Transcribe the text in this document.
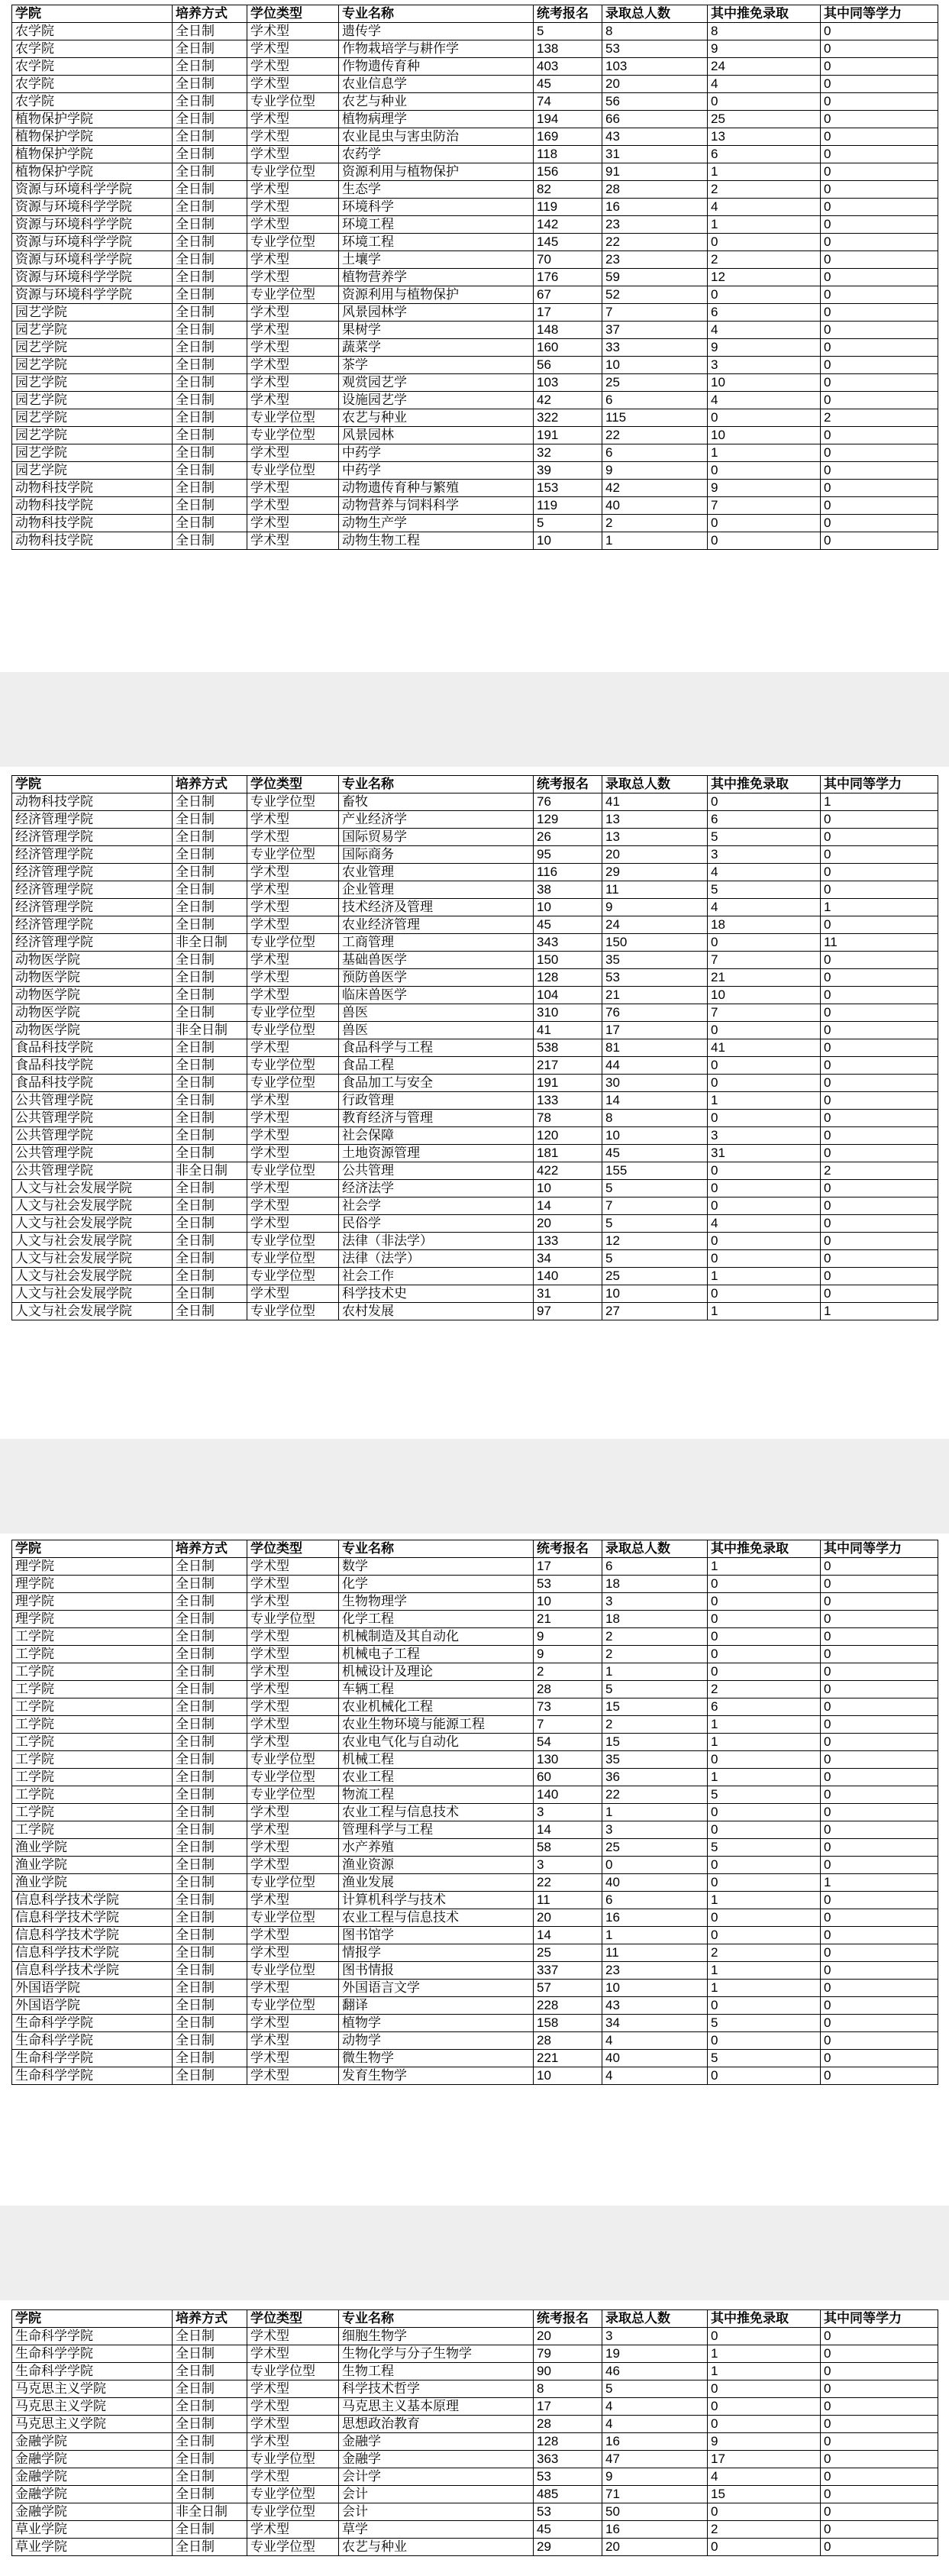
学院	培养方式	学位类型	专业名称	统考报名	录取总人数	其中推免录取	其中同等学力
农学院	全日制	学术型	遗传学	5	8	8	0
农学院	全日制	学术型	作物栽培学与耕作学	138	53	9	0
农学院	全日制	学术型	作物遗传育种	403	103	24	0
农学院	全日制	学术型	农业信息学	45	20	4	0
农学院	全日制	专业学位型	农艺与种业	74	56	0	0
植物保护学院	全日制	学术型	植物病理学	194	66	25	0
植物保护学院	全日制	学术型	农业昆虫与害虫防治	169	43	13	0
植物保护学院	全日制	学术型	农药学	118	31	6	0
植物保护学院	全日制	专业学位型	资源利用与植物保护	156	91	1	0
资源与环境科学学院	全日制	学术型	生态学	82	28	2	0
资源与环境科学学院	全日制	学术型	环境科学	119	16	4	0
资源与环境科学学院	全日制	学术型	环境工程	142	23	1	0
资源与环境科学学院	全日制	专业学位型	环境工程	145	22	0	0
资源与环境科学学院	全日制	学术型	土壤学	70	23	2	0
资源与环境科学学院	全日制	学术型	植物营养学	176	59	12	0
资源与环境科学学院	全日制	专业学位型	资源利用与植物保护	67	52	0	0
园艺学院	全日制	学术型	风景园林学	17	7	6	0
园艺学院	全日制	学术型	果树学	148	37	4	0
园艺学院	全日制	学术型	蔬菜学	160	33	9	0
园艺学院	全日制	学术型	茶学	56	10	3	0
园艺学院	全日制	学术型	观赏园艺学	103	25	10	0
园艺学院	全日制	学术型	设施园艺学	42	6	4	0
园艺学院	全日制	专业学位型	农艺与种业	322	115	0	2
园艺学院	全日制	专业学位型	风景园林	191	22	10	0
园艺学院	全日制	学术型	中药学	32	6	1	0
园艺学院	全日制	专业学位型	中药学	39	9	0	0
动物科技学院	全日制	学术型	动物遗传育种与繁殖	153	42	9	0
动物科技学院	全日制	学术型	动物营养与饲料科学	119	40	7	0
动物科技学院	全日制	学术型	动物生产学	5	2	0	0
动物科技学院	全日制	学术型	动物生物工程	10	1	0	0
学院	培养方式	学位类型	专业名称	统考报名	录取总人数	其中推免录取	其中同等学力
动物科技学院	全日制	专业学位型	畜牧	76	41	0	1
经济管理学院	全日制	学术型	产业经济学	129	13	6	0
经济管理学院	全日制	学术型	国际贸易学	26	13	5	0
经济管理学院	全日制	专业学位型	国际商务	95	20	3	0
经济管理学院	全日制	学术型	农业管理	116	29	4	0
经济管理学院	全日制	学术型	企业管理	38	11	5	0
经济管理学院	全日制	学术型	技术经济及管理	10	9	4	1
经济管理学院	全日制	学术型	农业经济管理	45	24	18	0
经济管理学院	非全日制	专业学位型	工商管理	343	150	0	11
动物医学院	全日制	学术型	基础兽医学	150	35	7	0
动物医学院	全日制	学术型	预防兽医学	128	53	21	0
动物医学院	全日制	学术型	临床兽医学	104	21	10	0
动物医学院	全日制	专业学位型	兽医	310	76	7	0
动物医学院	非全日制	专业学位型	兽医	41	17	0	0
食品科技学院	全日制	学术型	食品科学与工程	538	81	41	0
食品科技学院	全日制	专业学位型	食品工程	217	44	0	0
食品科技学院	全日制	专业学位型	食品加工与安全	191	30	0	0
公共管理学院	全日制	学术型	行政管理	133	14	1	0
公共管理学院	全日制	学术型	教育经济与管理	78	8	0	0
公共管理学院	全日制	学术型	社会保障	120	10	3	0
公共管理学院	全日制	学术型	土地资源管理	181	45	31	0
公共管理学院	非全日制	专业学位型	公共管理	422	155	0	2
人文与社会发展学院	全日制	学术型	经济法学	10	5	0	0
人文与社会发展学院	全日制	学术型	社会学	14	7	0	0
人文与社会发展学院	全日制	学术型	民俗学	20	5	4	0
人文与社会发展学院	全日制	专业学位型	法律（非法学）	133	12	0	0
人文与社会发展学院	全日制	专业学位型	法律（法学）	34	5	0	0
人文与社会发展学院	全日制	专业学位型	社会工作	140	25	1	0
人文与社会发展学院	全日制	学术型	科学技术史	31	10	0	0
人文与社会发展学院	全日制	专业学位型	农村发展	97	27	1	1
学院	培养方式	学位类型	专业名称	统考报名	录取总人数	其中推免录取	其中同等学力
理学院	全日制	学术型	数学	17	6	1	0
理学院	全日制	学术型	化学	53	18	0	0
理学院	全日制	学术型	生物物理学	10	3	0	0
理学院	全日制	专业学位型	化学工程	21	18	0	0
工学院	全日制	学术型	机械制造及其自动化	9	2	0	0
工学院	全日制	学术型	机械电子工程	9	2	0	0
工学院	全日制	学术型	机械设计及理论	2	1	0	0
工学院	全日制	学术型	车辆工程	28	5	2	0
工学院	全日制	学术型	农业机械化工程	73	15	6	0
工学院	全日制	学术型	农业生物环境与能源工程	7	2	1	0
工学院	全日制	学术型	农业电气化与自动化	54	15	1	0
工学院	全日制	专业学位型	机械工程	130	35	0	0
工学院	全日制	专业学位型	农业工程	60	36	1	0
工学院	全日制	专业学位型	物流工程	140	22	5	0
工学院	全日制	学术型	农业工程与信息技术	3	1	0	0
工学院	全日制	学术型	管理科学与工程	14	3	0	0
渔业学院	全日制	学术型	水产养殖	58	25	5	0
渔业学院	全日制	学术型	渔业资源	3	0	0	0
渔业学院	全日制	专业学位型	渔业发展	22	40	0	1
信息科学技术学院	全日制	学术型	计算机科学与技术	11	6	1	0
信息科学技术学院	全日制	专业学位型	农业工程与信息技术	20	16	0	0
信息科学技术学院	全日制	学术型	图书馆学	14	1	0	0
信息科学技术学院	全日制	学术型	情报学	25	11	2	0
信息科学技术学院	全日制	专业学位型	图书情报	337	23	1	0
外国语学院	全日制	学术型	外国语言文学	57	10	1	0
外国语学院	全日制	专业学位型	翻译	228	43	0	0
生命科学学院	全日制	学术型	植物学	158	34	5	0
生命科学学院	全日制	学术型	动物学	28	4	0	0
生命科学学院	全日制	学术型	微生物学	221	40	5	0
生命科学学院	全日制	学术型	发育生物学	10	4	0	0
学院	培养方式	学位类型	专业名称	统考报名	录取总人数	其中推免录取	其中同等学力
生命科学学院	全日制	学术型	细胞生物学	20	3	0	0
生命科学学院	全日制	学术型	生物化学与分子生物学	79	19	1	0
生命科学学院	全日制	专业学位型	生物工程	90	46	1	0
马克思主义学院	全日制	学术型	科学技术哲学	8	5	0	0
马克思主义学院	全日制	学术型	马克思主义基本原理	17	4	0	0
马克思主义学院	全日制	学术型	思想政治教育	28	4	0	0
金融学院	全日制	学术型	金融学	128	16	9	0
金融学院	全日制	专业学位型	金融学	363	47	17	0
金融学院	全日制	学术型	会计学	53	9	4	0
金融学院	全日制	专业学位型	会计	485	71	15	0
金融学院	非全日制	专业学位型	会计	53	50	0	0
草业学院	全日制	学术型	草学	45	16	2	0
草业学院	全日制	专业学位型	农艺与种业	29	20	0	0
